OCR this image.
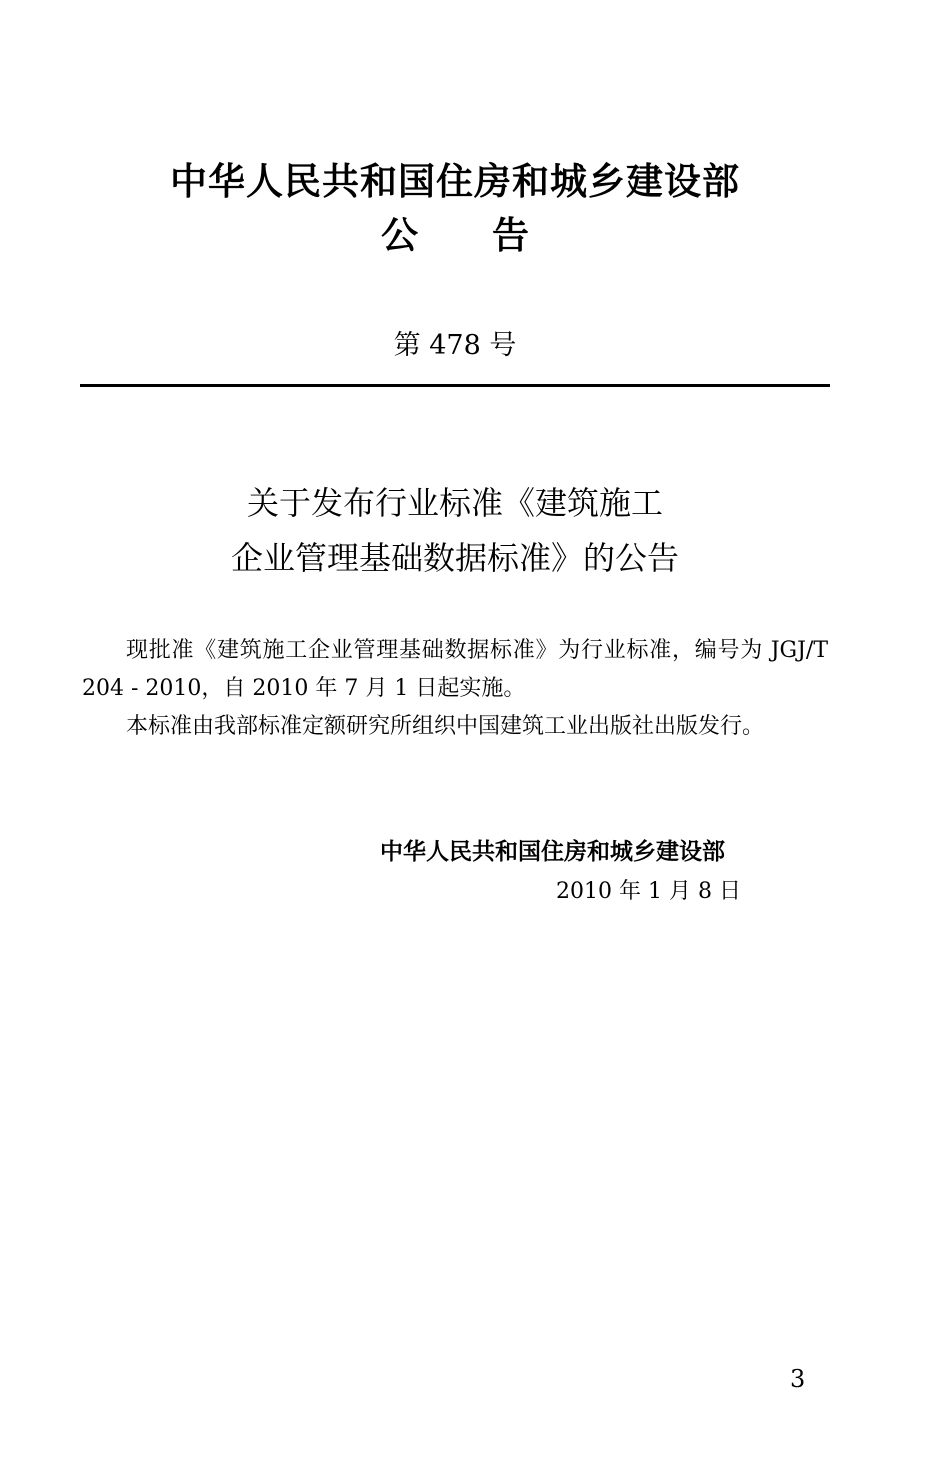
中华人民共和国住房和城乡建设部
公　　告
第 478 号
关于发布行业标准《建筑施工
企业管理基础数据标准》的公告

现批准《建筑施工企业管理基础数据标准》为行业标准，编号为 JGJ/T 204 - 2010，自 2010 年 7 月 1 日起实施。

本标准由我部标准定额研究所组织中国建筑工业出版社出版发行。

中华人民共和国住房和城乡建设部
2010 年 1 月 8 日
3
